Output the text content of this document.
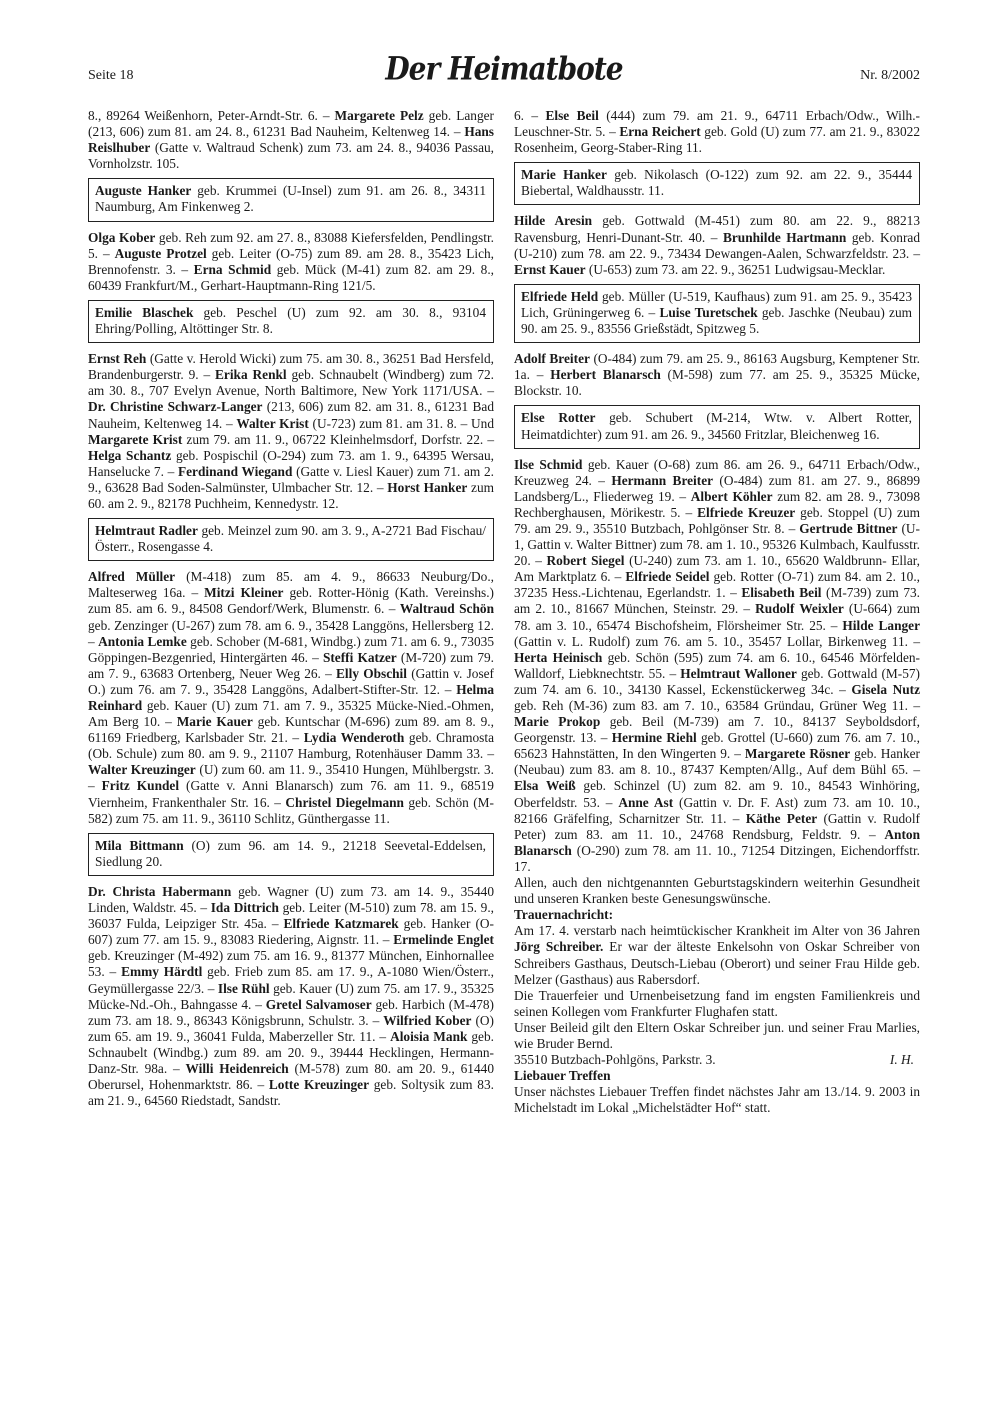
Seite 18	Der Heimatbote	Nr. 8/2002
8., 89264 Weißenhorn, Peter-Arndt-Str. 6. – Margarete Pelz geb. Langer (213, 606) zum 81. am 24. 8., 61231 Bad Nauheim, Keltenweg 14. – Hans Reislhuber (Gatte v. Waltraud Schenk) zum 73. am 24. 8., 94036 Passau, Vornholzstr. 105.
Auguste Hanker geb. Krummei (U-Insel) zum 91. am 26. 8., 34311 Naumburg, Am Finkenweg 2.
Olga Kober geb. Reh zum 92. am 27. 8., 83088 Kiefersfelden, Pendlingstr. 5. – Auguste Protzel geb. Leiter (O-75) zum 89. am 28. 8., 35423 Lich, Brennofenstr. 3. – Erna Schmid geb. Mück (M-41) zum 82. am 29. 8., 60439 Frankfurt/M., Gerhart-Hauptmann-Ring 121/5.
Emilie Blaschek geb. Peschel (U) zum 92. am 30. 8., 93104 Ehring/Polling, Altöttinger Str. 8.
Ernst Reh (Gatte v. Herold Wicki) zum 75. am 30. 8., 36251 Bad Hersfeld, Brandenburgerstr. 9. – Erika Renkl geb. Schnaubelt (Windberg) zum 72. am 30. 8., 707 Evelyn Avenue, North Baltimore, New York 1171/USA. – Dr. Christine Schwarz-Langer (213, 606) zum 82. am 31. 8., 61231 Bad Nauheim, Keltenweg 14. – Walter Krist (U-723) zum 81. am 31. 8. – Und Margarete Krist zum 79. am 11. 9., 06722 Kleinhelmsdorf, Dorfstr. 22. – Helga Schantz geb. Pospischil (O-294) zum 73. am 1. 9., 64395 Wersau, Hanselucke 7. – Ferdinand Wiegand (Gatte v. Liesl Kauer) zum 71. am 2. 9., 63628 Bad Soden-Salmünster, Ulmbacher Str. 12. – Horst Hanker zum 60. am 2. 9., 82178 Puchheim, Kennedystr. 12.
Helmtraut Radler geb. Meinzel zum 90. am 3. 9., A-2721 Bad Fischau/Österr., Rosengasse 4.
Alfred Müller (M-418) zum 85. am 4. 9., 86633 Neuburg/Do., Malteserweg 16a. – Mitzi Kleiner geb. Rotter-Hönig (Kath. Vereinshs.) zum 85. am 6. 9., 84508 Gendorf/Werk, Blumenstr. 6. – Waltraud Schön geb. Zenzinger (U-267) zum 78. am 6. 9., 35428 Langgöns, Hellersberg 12. – Antonia Lemke geb. Schober (M-681, Windbg.) zum 71. am 6. 9., 73035 Göppingen-Bezgenried, Hintergärten 46. – Steffi Katzer (M-720) zum 79. am 7. 9., 63683 Ortenberg, Neuer Weg 26. – Elly Obschil (Gattin v. Josef O.) zum 76. am 7. 9., 35428 Langgöns, Adalbert-Stifter-Str. 12. – Helma Reinhard geb. Kauer (U) zum 71. am 7. 9., 35325 Mücke-Nied.-Ohmen, Am Berg 10. – Marie Kauer geb. Kuntschar (M-696) zum 89. am 8. 9., 61169 Friedberg, Karlsbader Str. 21. – Lydia Wenderoth geb. Chramosta (Ob. Schule) zum 80. am 9. 9., 21107 Hamburg, Rotenhäuser Damm 33. – Walter Kreuzinger (U) zum 60. am 11. 9., 35410 Hungen, Mühlbergstr. 3. – Fritz Kundel (Gatte v. Anni Blanarsch) zum 76. am 11. 9., 68519 Viernheim, Frankenthaler Str. 16. – Christel Diegelmann geb. Schön (M-582) zum 75. am 11. 9., 36110 Schlitz, Günthergasse 11.
Mila Bittmann (O) zum 96. am 14. 9., 21218 Seevetal-Eddelsen, Siedlung 20.
Dr. Christa Habermann geb. Wagner (U) zum 73. am 14. 9., 35440 Linden, Waldstr. 45. – Ida Dittrich geb. Leiter (M-510) zum 78. am 15. 9., 36037 Fulda, Leipziger Str. 45a. – Elfriede Katzmarek geb. Hanker (O-607) zum 77. am 15. 9., 83083 Riedering, Aignstr. 11. – Ermelinde Englet geb. Kreuzinger (M-492) zum 75. am 16. 9., 81377 München, Einhornallee 53. – Emmy Härdtl geb. Frieb zum 85. am 17. 9., A-1080 Wien/Österr., Geymüllergasse 22/3. – Ilse Rühl geb. Kauer (U) zum 75. am 17. 9., 35325 Mücke-Nd.-Oh., Bahngasse 4. – Gretel Salvamoser geb. Harbich (M-478) zum 73. am 18. 9., 86343 Königsbrunn, Schulstr. 3. – Wilfried Kober (O) zum 65. am 19. 9., 36041 Fulda, Maberzeller Str. 11. – Aloisia Mank geb. Schnaubelt (Windbg.) zum 89. am 20. 9., 39444 Hecklingen, Hermann-Danz-Str. 98a. – Willi Heidenreich (M-578) zum 80. am 20. 9., 61440 Oberursel, Hohenmarktstr. 86. – Lotte Kreuzinger geb. Soltysik zum 83. am 21. 9., 64560 Riedstadt, Sandstr.
6. – Else Beil (444) zum 79. am 21. 9., 64711 Erbach/Odw., Wilh.-Leuschner-Str. 5. – Erna Reichert geb. Gold (U) zum 77. am 21. 9., 83022 Rosenheim, Georg-Staber-Ring 11.
Marie Hanker geb. Nikolasch (O-122) zum 92. am 22. 9., 35444 Biebertal, Waldhausstr. 11.
Hilde Aresin geb. Gottwald (M-451) zum 80. am 22. 9., 88213 Ravensburg, Henri-Dunant-Str. 40. – Brunhilde Hartmann geb. Konrad (U-210) zum 78. am 22. 9., 73434 Dewangen-Aalen, Schwarzfeldstr. 23. – Ernst Kauer (U-653) zum 73. am 22. 9., 36251 Ludwigsau-Mecklar.
Elfriede Held geb. Müller (U-519, Kaufhaus) zum 91. am 25. 9., 35423 Lich, Grüningerweg 6. – Luise Turetschek geb. Jaschke (Neubau) zum 90. am 25. 9., 83556 Grießstädt, Spitzweg 5.
Adolf Breiter (O-484) zum 79. am 25. 9., 86163 Augsburg, Kemptener Str. 1a. – Herbert Blanarsch (M-598) zum 77. am 25. 9., 35325 Mücke, Blockstr. 10.
Else Rotter geb. Schubert (M-214, Wtw. v. Albert Rotter, Heimatdichter) zum 91. am 26. 9., 34560 Fritzlar, Bleichenweg 16.
Ilse Schmid geb. Kauer (O-68) zum 86. am 26. 9., 64711 Erbach/Odw., Kreuzweg 24. – Hermann Breiter (O-484) zum 81. am 27. 9., 86899 Landsberg/L., Fliederweg 19. – Albert Köhler zum 82. am 28. 9., 73098 Rechberghausen, Mörikestr. 5. – Elfriede Kreuzer geb. Stoppel (U) zum 79. am 29. 9., 35510 Butzbach, Pohlgönser Str. 8. – Gertrude Bittner (U-1, Gattin v. Walter Bittner) zum 78. am 1. 10., 95326 Kulmbach, Kaulfusstr. 20. – Robert Siegel (U-240) zum 73. am 1. 10., 65620 Waldbrunn- Ellar, Am Marktplatz 6. – Elfriede Seidel geb. Rotter (O-71) zum 84. am 2. 10., 37235 Hess.-Lichtenau, Egerlandstr. 1. – Elisabeth Beil (M-739) zum 73. am 2. 10., 81667 München, Steinstr. 29. – Rudolf Weixler (U-664) zum 78. am 3. 10., 65474 Bischofsheim, Flörsheimer Str. 25. – Hilde Langer (Gattin v. L. Rudolf) zum 76. am 5. 10., 35457 Lollar, Birkenweg 11. – Herta Heinisch geb. Schön (595) zum 74. am 6. 10., 64546 Mörfelden-Walldorf, Liebknechtstr. 55. – Helmtraut Walloner geb. Gottwald (M-57) zum 74. am 6. 10., 34130 Kassel, Eckenstückerweg 34c. – Gisela Nutz geb. Reh (M-36) zum 83. am 7. 10., 63584 Gründau, Grüner Weg 11. – Marie Prokop geb. Beil (M-739) am 7. 10., 84137 Seyboldsdorf, Georgenstr. 13. – Hermine Riehl geb. Grottel (U-660) zum 76. am 7. 10., 65623 Hahnstätten, In den Wingerten 9. – Margarete Rösner geb. Hanker (Neubau) zum 83. am 8. 10., 87437 Kempten/Allg., Auf dem Bühl 65. – Elsa Weiß geb. Schinzel (U) zum 82. am 9. 10., 84543 Winhöring, Oberfeldstr. 53. – Anne Ast (Gattin v. Dr. F. Ast) zum 73. am 10. 10., 82166 Gräfelfing, Scharnitzer Str. 11. – Käthe Peter (Gattin v. Rudolf Peter) zum 83. am 11. 10., 24768 Rendsburg, Feldstr. 9. – Anton Blanarsch (O-290) zum 78. am 11. 10., 71254 Ditzingen, Eichendorffstr. 17.
Allen, auch den nichtgenannten Geburtstagskindern weiterhin Gesundheit und unseren Kranken beste Genesungswünsche.
Trauernachricht:
Am 17. 4. verstarb nach heimtückischer Krankheit im Alter von 36 Jahren Jörg Schreiber. Er war der älteste Enkelsohn von Oskar Schreiber von Schreibers Gasthaus, Deutsch-Liebau (Oberort) und seiner Frau Hilde geb. Melzer (Gasthaus) aus Rabersdorf.
Die Trauerfeier und Urnenbeisetzung fand im engsten Familienkreis und seinen Kollegen vom Frankfurter Flughafen statt.
Unser Beileid gilt den Eltern Oskar Schreiber jun. und seiner Frau Marlies, wie Bruder Bernd.
35510 Butzbach-Pohlgöns, Parkstr. 3.	I. H.
Liebauer Treffen
Unser nächstes Liebauer Treffen findet nächstes Jahr am 13./14. 9. 2003 in Michelstadt im Lokal „Michelstädter Hof“ statt.
